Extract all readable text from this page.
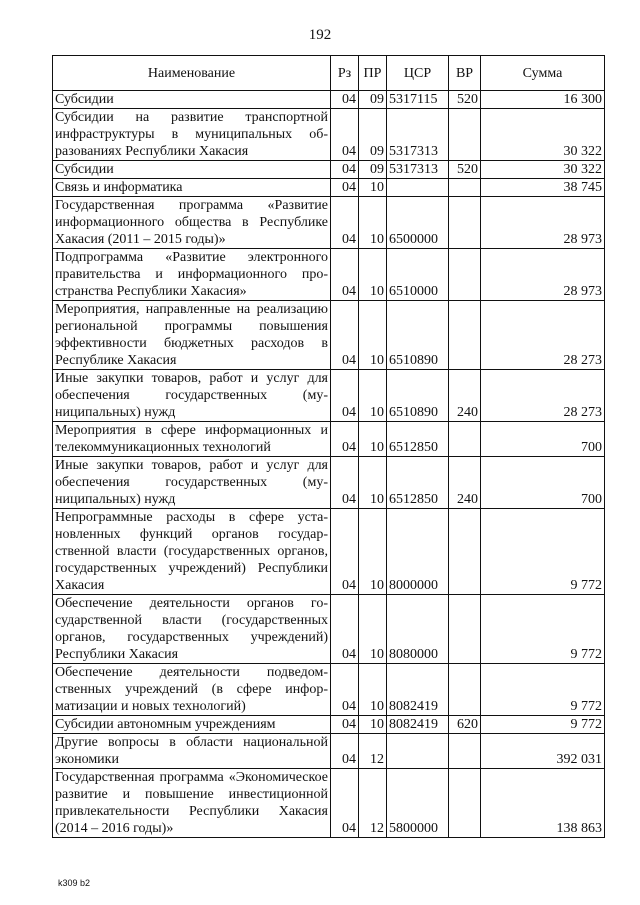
192
Наименование	Рз	ПР	ЦСР	ВР	Сумма
Субсидии	04	09	5317115	520	16 300
Субсидии на развитие транспортной инфраструктуры в муниципальных образованиях Республики Хакасия	04	09	5317313		30 322
Субсидии	04	09	5317313	520	30 322
Связь и информатика	04	10			38 745
Государственная программа «Развитие информационного общества в Республике Хакасия (2011 – 2015 годы)»	04	10	6500000		28 973
Подпрограмма «Развитие электронного правительства и информационного пространства Республики Хакасия»	04	10	6510000		28 973
Мероприятия, направленные на реализацию региональной программы повышения эффективности бюджетных расходов в Республике Хакасия	04	10	6510890		28 273
Иные закупки товаров, работ и услуг для обеспечения государственных (муниципальных) нужд	04	10	6510890	240	28 273
Мероприятия в сфере информационных и телекоммуникационных технологий	04	10	6512850		700
Иные закупки товаров, работ и услуг для обеспечения государственных (муниципальных) нужд	04	10	6512850	240	700
Непрограммные расходы в сфере установленных функций органов государственной власти (государственных органов, государственных учреждений) Республики Хакасия	04	10	8000000		9 772
Обеспечение деятельности органов государственной власти (государственных органов, государственных учреждений) Республики Хакасия	04	10	8080000		9 772
Обеспечение деятельности подведомственных учреждений (в сфере информатизации и новых технологий)	04	10	8082419		9 772
Субсидии автономным учреждениям	04	10	8082419	620	9 772
Другие вопросы в области национальной экономики	04	12			392 031
Государственная программа «Экономическое развитие и повышение инвестиционной привлекательности Республики Хакасия (2014 – 2016 годы)»	04	12	5800000		138 863
k309 b2
